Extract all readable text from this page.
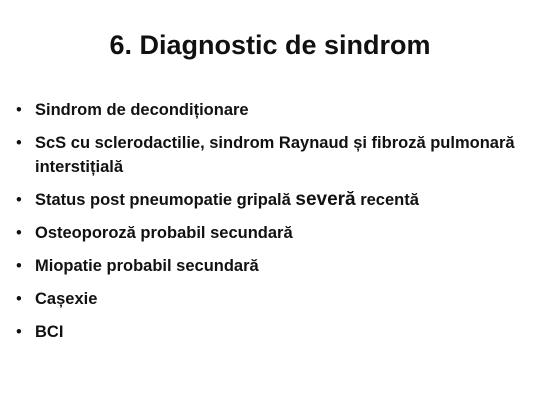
6. Diagnostic de sindrom
• Sindrom de decondiționare
• ScS cu sclerodactilie, sindrom Raynaud și fibroză pulmonară interstițială
• Status post pneumopatie gripală severă recentă
• Osteoporoză probabil secundară
• Miopatie probabil secundară
• Cașexie
• BCI
